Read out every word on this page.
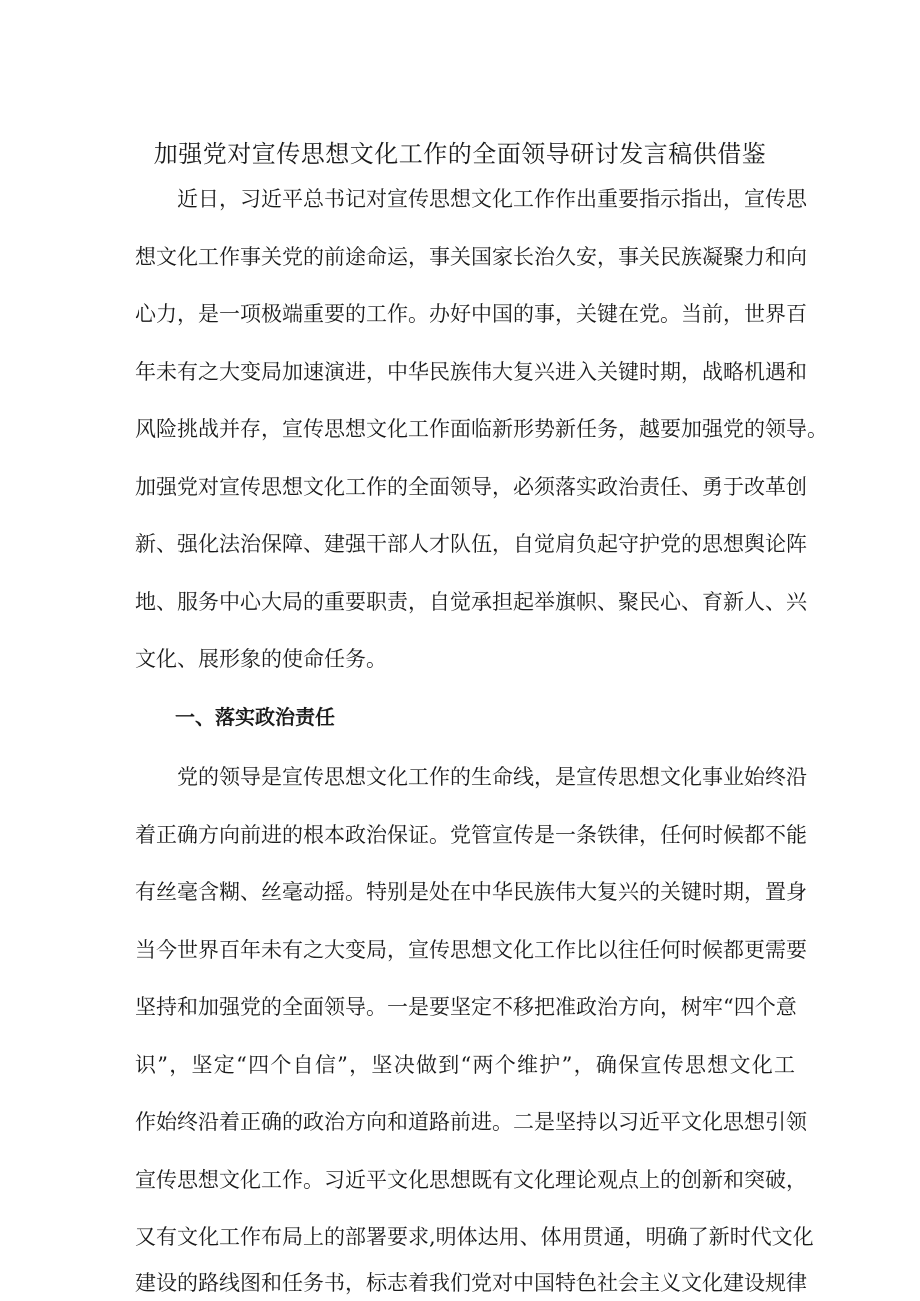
加强党对宣传思想文化工作的全面领导研讨发言稿供借鉴
　　近日，习近平总书记对宣传思想文化工作作出重要指示指出，宣传思
想文化工作事关党的前途命运，事关国家长治久安，事关民族凝聚力和向
心力，是一项极端重要的工作。办好中国的事，关键在党。当前，世界百
年未有之大变局加速演进，中华民族伟大复兴进入关键时期，战略机遇和
风险挑战并存，宣传思想文化工作面临新形势新任务，越要加强党的领导。
加强党对宣传思想文化工作的全面领导，必须落实政治责任、勇于改革创
新、强化法治保障、建强干部人才队伍，自觉肩负起守护党的思想舆论阵
地、服务中心大局的重要职责，自觉承担起举旗帜、聚民心、育新人、兴
文化、展形象的使命任务。
　　一、落实政治责任
　　党的领导是宣传思想文化工作的生命线，是宣传思想文化事业始终沿
着正确方向前进的根本政治保证。党管宣传是一条铁律，任何时候都不能
有丝毫含糊、丝毫动摇。特别是处在中华民族伟大复兴的关键时期，置身
当今世界百年未有之大变局，宣传思想文化工作比以往任何时候都更需要
坚持和加强党的全面领导。一是要坚定不移把准政治方向，树牢“四个意
识”，坚定“四个自信”，坚决做到“两个维护”，确保宣传思想文化工
作始终沿着正确的政治方向和道路前进。二是坚持以习近平文化思想引领
宣传思想文化工作。习近平文化思想既有文化理论观点上的创新和突破，
又有文化工作布局上的部署要求,明体达用、体用贯通，明确了新时代文化
建设的路线图和任务书，标志着我们党对中国特色社会主义文化建设规律
